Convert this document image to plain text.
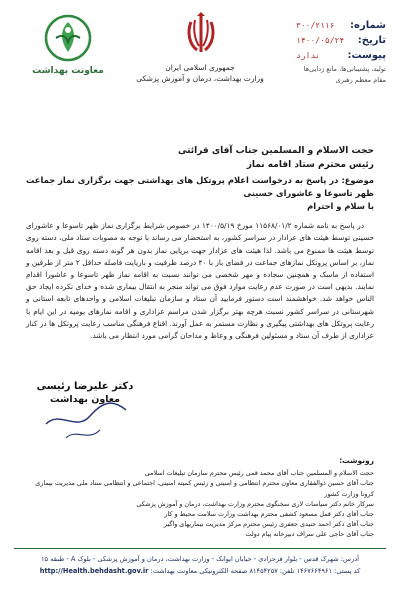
معاونت بهداشت	جمهوری اسلامی ایران
وزارت بهداشت، درمان و آموزش پزشکی
شماره:
۳۰۰/۲۱۱۶
تاریخ:
۱۴۰۰/۰۵/۲۴
پیوست:
ندارد
تولید، پشتیبانی‌ها، مانع زدایی‌ها
مقام معظم رهبری
حجت الاسلام و المسلمین جناب آقای قرائتی
رئیس محترم ستاد اقامه نماز
موضوع: در پاسخ به درخواست اعلام پروتکل های بهداشتی جهت برگزاری نماز جماعت ظهر تاسوعا و عاشورای حسینی
با سلام و احترام

در پاسخ به نامه شماره ۱۱۵۶۸/۰۱/۲ مورخ ۱۴۰۰/۵/۱۹ در خصوص شرایط برگزاری نماز ظهر تاسوعا و عاشورای حسینی توسط هیئت های عزادار در سراسر کشور، به استحضار می رساند با توجه به مصوبات ستاد ملی، دسته روی توسط هیئت ها ممنوع می باشد. لذا هیئت های عزادار جهت برپایی نماز بدون هر گونه دسته روی قبل و بعد اقامه نماز، بر اساس پروتکل نمازهای جماعت در فضای باز با ۴۰ درصد ظرفیت و باریایت فاصله حداقل ۲ متر از طرفین و استفاده از ماسک و همچنین سجاده و مهر شخصی می توانند نسبت به اقامه نماز ظهر تاسوعا و عاشورا اقدام نمایند. بدیهی است در صورت عدم رعایت موارد فوق می تواند منجر به انتقال بیماری شده و خدای نکرده ایجاد حق الناس خواهد شد. خواهشمند است دستور فرمایید آن ستاد و سازمان تبلیغات اسلامی و واحدهای تابعه استانی و شهرستانی در سراسر کشور نسبت هرچه بهتر برگزار شدن مراسم عزاداری و اقامه نمازهای یومیه در این ایام با رعایت پروتکل های بهداشتی پیگیری و نظارت مستمر به عمل آورند. اقناع فرهنگی مناسب رعایت پروتکل ها در کنار عزاداری از طرف آن ستاد و مسئولین فرهنگی و وعاظ و مداحان گرامی مورد انتظار می باشد.

دکتر علیرضا رئیسی
معاون بهداشت
رونوشت:
حجت الاسلام و المسلمین جناب آقای محمد قمی رئیس محترم سازمان تبلیغات اسلامی
جناب آقای حسین ذوالفقاری معاون محترم انتظامی و امنیتی و رئیس کمیته امنیتی، اجتماعی و انتظامی ستاد ملی مدیریت بیماری کرونا وزارت کشور
سرکار خانم دکتر سیاسات لاری سخنگوی محترم وزارت بهداشت، درمان و آموزش پزشکی
جناب آقای دکتر قمل مسعود کشفی محترم بهداشت وزارت سلامت محیط و کار
جناب آقای دکتر احمد جنیدی جعفری رئیس محترم مرکز مدیریت بیماریهای واگیر
جناب آقای حاجی علی سراف دبیرخانه پیام دولت
آدرس: شهرک قدس - بلوار فرحزادی - خیابان ایوانک - وزارت بهداشت، درمان و آموزش پزشکی - بلوک A - طبقه ۱۵
کد پستی: ۱۴۶۷۶۶۴۹۶۱ تلفن: ۸۱۴۵۴۲۵۷ صفحه الکترونیکی معاونت بهداشت: http://Health.behdasht.gov.ir
